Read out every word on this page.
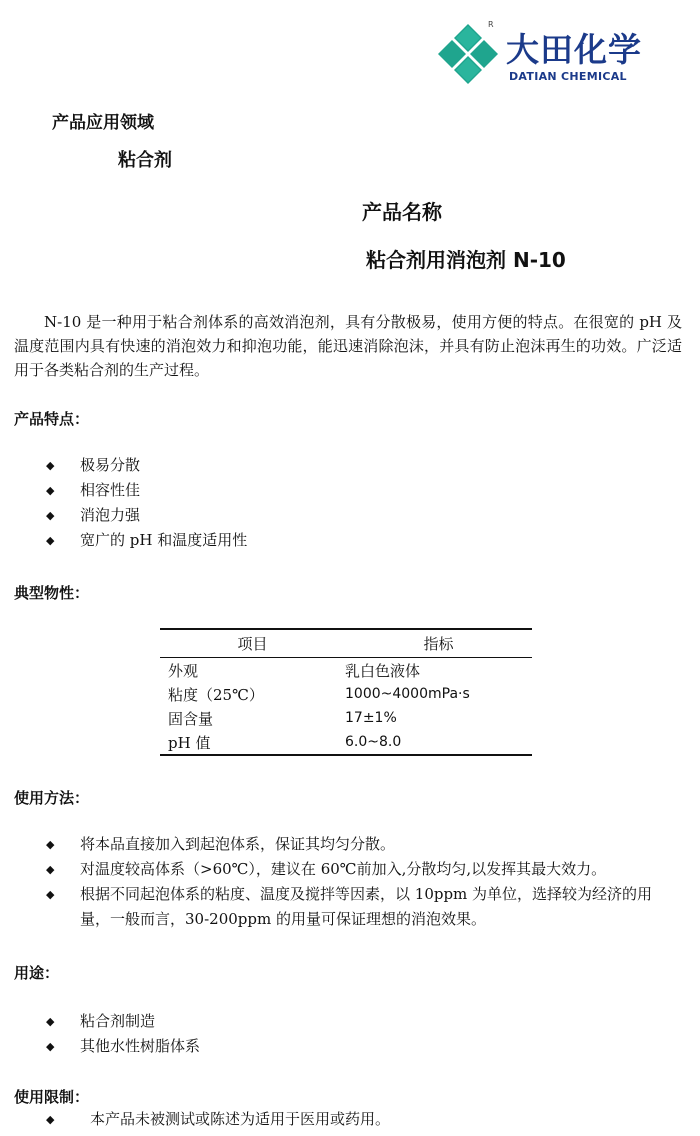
R
大田化学
DATIAN CHEMICAL
产品应用领域
粘合剂
产品名称
粘合剂用消泡剂 N-10

N-10 是一种用于粘合剂体系的高效消泡剂，具有分散极易，使用方便的特点。在很宽的 pH 及温度范围内具有快速的消泡效力和抑泡功能，能迅速消除泡沫，并具有防止泡沫再生的功效。广泛适用于各类粘合剂的生产过程。

产品特点：
◆ 极易分散
◆ 相容性佳
◆ 消泡力强
◆ 宽广的 pH 和温度适用性
典型物性：
项目	指标
外观	乳白色液体
粘度（25℃）	1000~4000mPa·s
固含量	17±1%
pH 值	6.0~8.0
使用方法：
◆ 将本品直接加入到起泡体系，保证其均匀分散。
◆ 对温度较高体系（>60℃），建议在 60℃前加入,分散均匀,以发挥其最大效力。
◆ 根据不同起泡体系的粘度、温度及搅拌等因素，以 10ppm 为单位，选择较为经济的用量，一般而言，30-200ppm 的用量可保证理想的消泡效果。
用途：
◆ 粘合剂制造
◆ 其他水性树脂体系
使用限制：
◆ 本产品未被测试或陈述为适用于医用或药用。
